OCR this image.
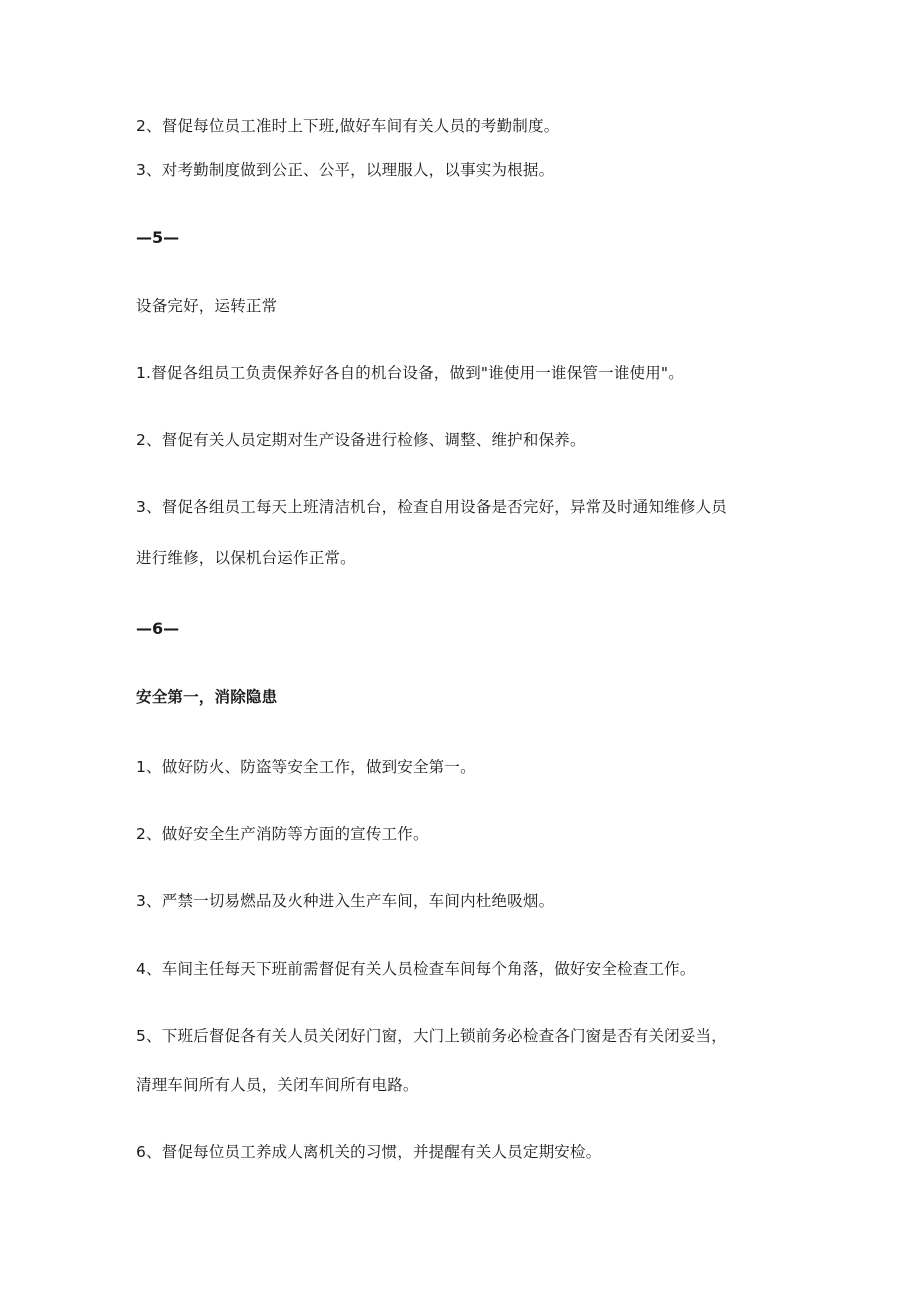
2、督促每位员工准时上下班,做好车间有关人员的考勤制度。
3、对考勤制度做到公正、公平，以理服人，以事实为根据。
—5—
设备完好，运转正常
1.督促各组员工负责保养好各自的机台设备，做到"谁使用一谁保管一谁使用"。
2、督促有关人员定期对生产设备进行检修、调整、维护和保养。
3、督促各组员工每天上班清洁机台，检查自用设备是否完好，异常及时通知维修人员
进行维修，以保机台运作正常。
—6—
安全第一，消除隐患
1、做好防火、防盗等安全工作，做到安全第一。
2、做好安全生产消防等方面的宣传工作。
3、严禁一切易燃品及火种进入生产车间，车间内杜绝吸烟。
4、车间主任每天下班前需督促有关人员检查车间每个角落，做好安全检查工作。
5、下班后督促各有关人员关闭好门窗，大门上锁前务必检查各门窗是否有关闭妥当，
清理车间所有人员，关闭车间所有电路。
6、督促每位员工养成人离机关的习惯，并提醒有关人员定期安检。
